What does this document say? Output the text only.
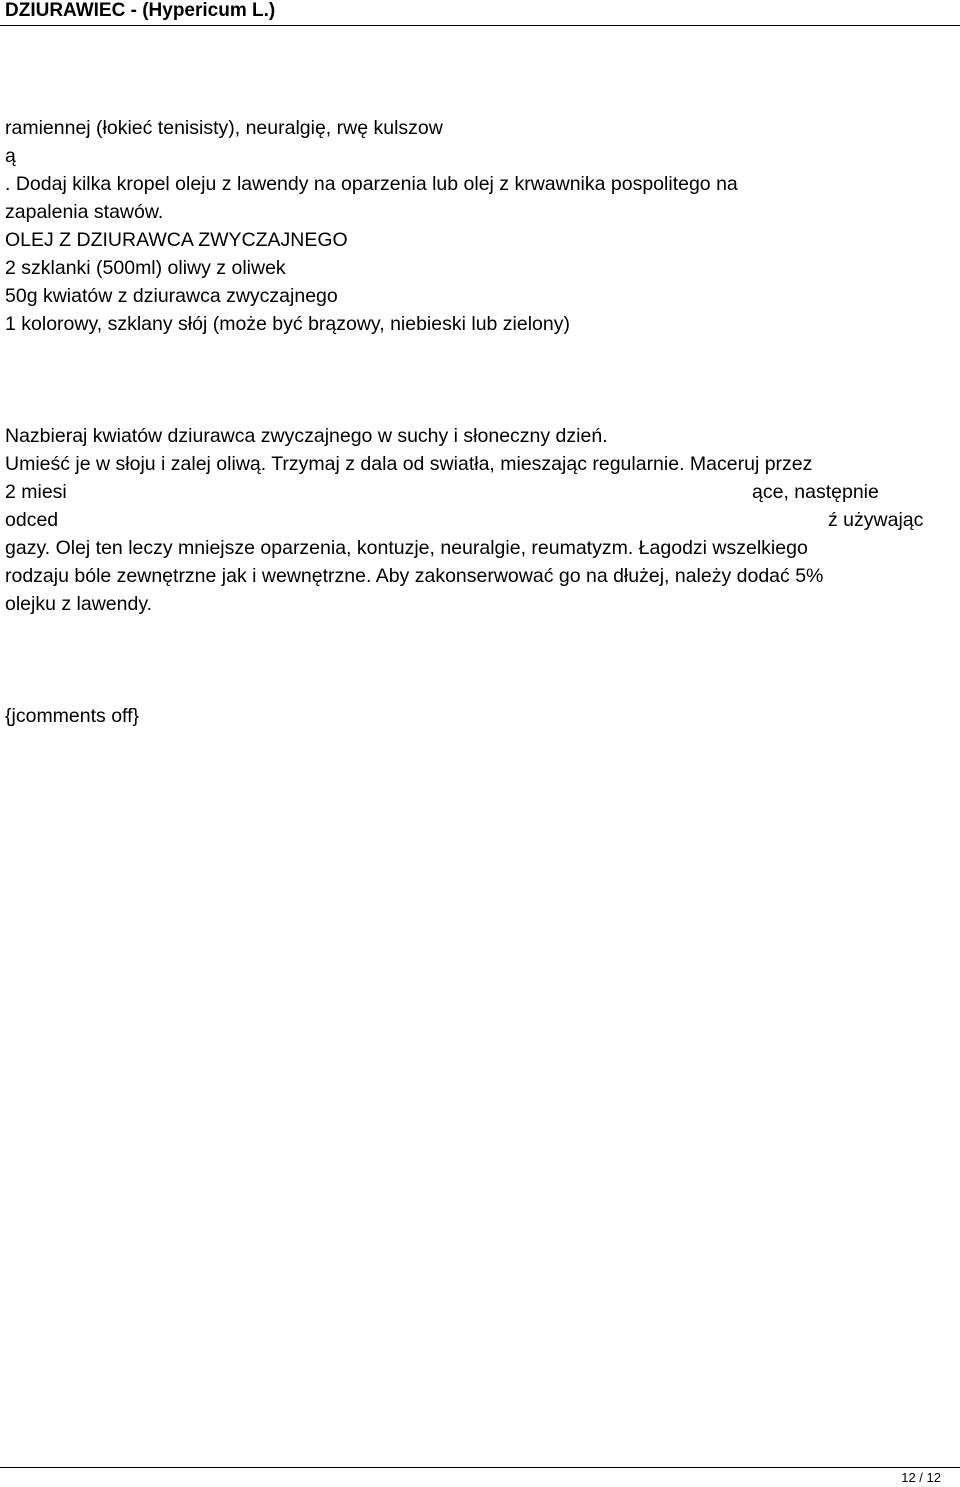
DZIURAWIEC - (Hypericum L.)
ramiennej (łokieć tenisisty), neuralgię, rwę kulszow
ą
. Dodaj kilka kropel oleju z lawendy na oparzenia lub olej z krwawnika pospolitego na
zapalenia stawów.
OLEJ Z DZIURAWCA ZWYCZAJNEGO
2 szklanki (500ml) oliwy z oliwek
50g kwiatów z dziurawca zwyczajnego
1 kolorowy, szklany słój (może być brązowy, niebieski lub zielony)
Nazbieraj kwiatów dziurawca zwyczajnego w suchy i słoneczny dzień.
Umieść je w słoju i zalej oliwą. Trzymaj z dala od swiatła, mieszając regularnie. Maceruj przez
2 miesi	ące, następnie
odced	ź używając
gazy. Olej ten leczy mniejsze oparzenia, kontuzje, neuralgie, reumatyzm. Łagodzi wszelkiego
rodzaju bóle zewnętrzne jak i wewnętrzne. Aby zakonserwować go na dłużej, należy dodać 5%
olejku z lawendy.
{jcomments off}
12 / 12
